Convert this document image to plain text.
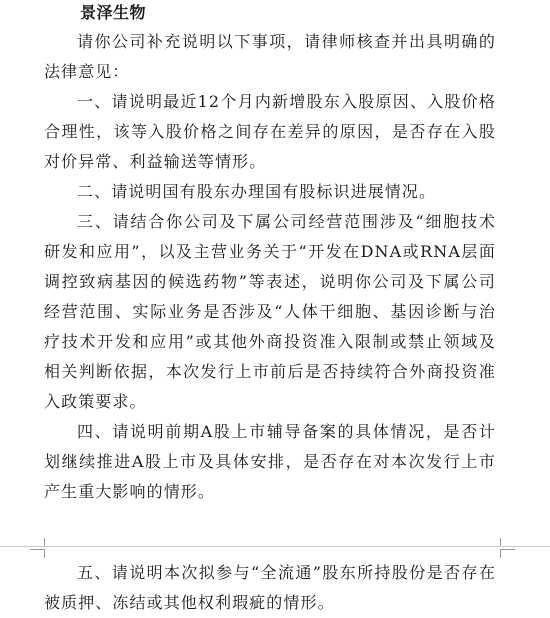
景泽生物

请你公司补充说明以下事项，请律师核查并出具明确的法律意见：

一、请说明最近12个月内新增股东入股原因、入股价格合理性，该等入股价格之间存在差异的原因，是否存在入股对价异常、利益输送等情形。

二、请说明国有股东办理国有股标识进展情况。

三、请结合你公司及下属公司经营范围涉及“细胞技术研发和应用”，以及主营业务关于“开发在DNA或RNA层面调控致病基因的候选药物”等表述，说明你公司及下属公司经营范围、实际业务是否涉及“人体干细胞、基因诊断与治疗技术开发和应用”或其他外商投资准入限制或禁止领域及相关判断依据，本次发行上市前后是否持续符合外商投资准入政策要求。

四、请说明前期A股上市辅导备案的具体情况，是否计划继续推进A股上市及具体安排，是否存在对本次发行上市产生重大影响的情形。

五、请说明本次拟参与“全流通”股东所持股份是否存在被质押、冻结或其他权利瑕疵的情形。
